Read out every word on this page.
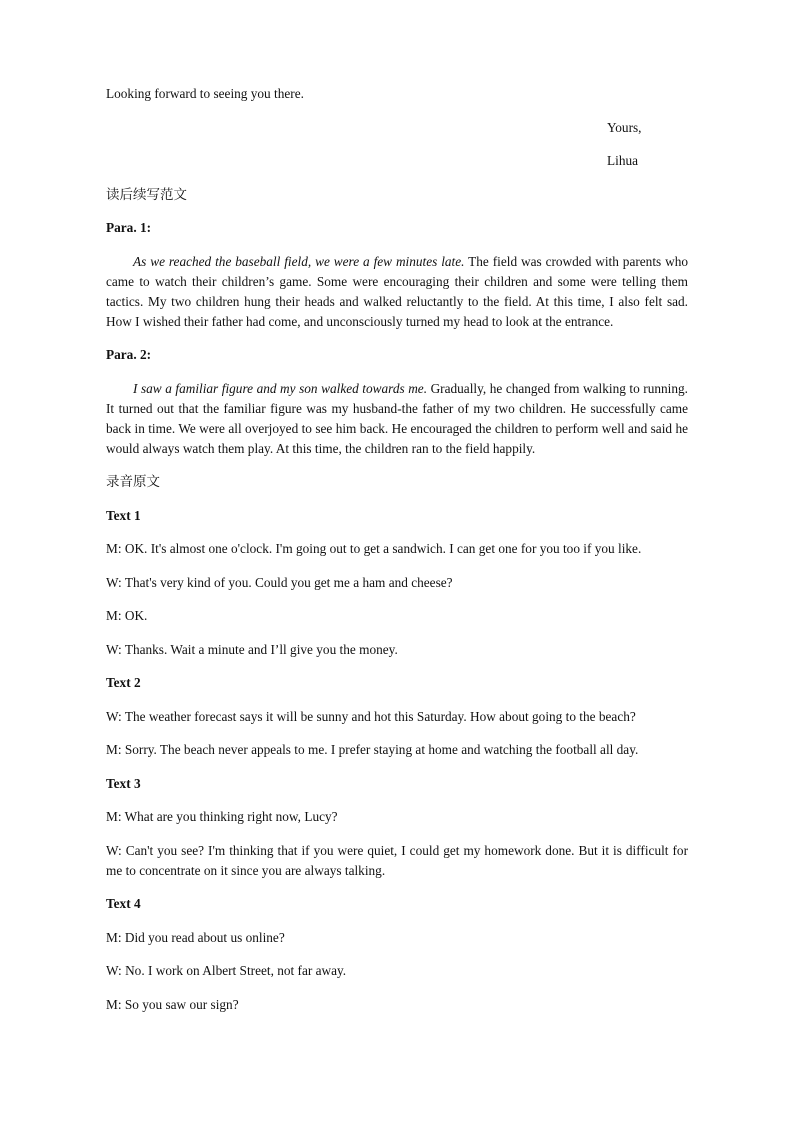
Looking forward to seeing you there.

Yours,

Lihua

读后续写范文

Para. 1:

As we reached the baseball field, we were a few minutes late. The field was crowded with parents who came to watch their children’s game. Some were encouraging their children and some were telling them tactics. My two children hung their heads and walked reluctantly to the field. At this time, I also felt sad. How I wished their father had come, and unconsciously turned my head to look at the entrance.

Para. 2:

I saw a familiar figure and my son walked towards me. Gradually, he changed from walking to running. It turned out that the familiar figure was my husband-the father of my two children. He successfully came back in time. We were all overjoyed to see him back. He encouraged the children to perform well and said he would always watch them play. At this time, the children ran to the field happily.

录音原文

Text 1

M: OK. It's almost one o'clock. I'm going out to get a sandwich. I can get one for you too if you like.

W: That's very kind of you. Could you get me a ham and cheese?

M: OK.

W: Thanks. Wait a minute and I’ll give you the money.

Text 2

W: The weather forecast says it will be sunny and hot this Saturday. How about going to the beach?

M: Sorry. The beach never appeals to me. I prefer staying at home and watching the football all day.

Text 3

M: What are you thinking right now, Lucy?

W: Can't you see? I'm thinking that if you were quiet, I could get my homework done. But it is difficult for me to concentrate on it since you are always talking.

Text 4

M: Did you read about us online?

W: No. I work on Albert Street, not far away.

M: So you saw our sign?
